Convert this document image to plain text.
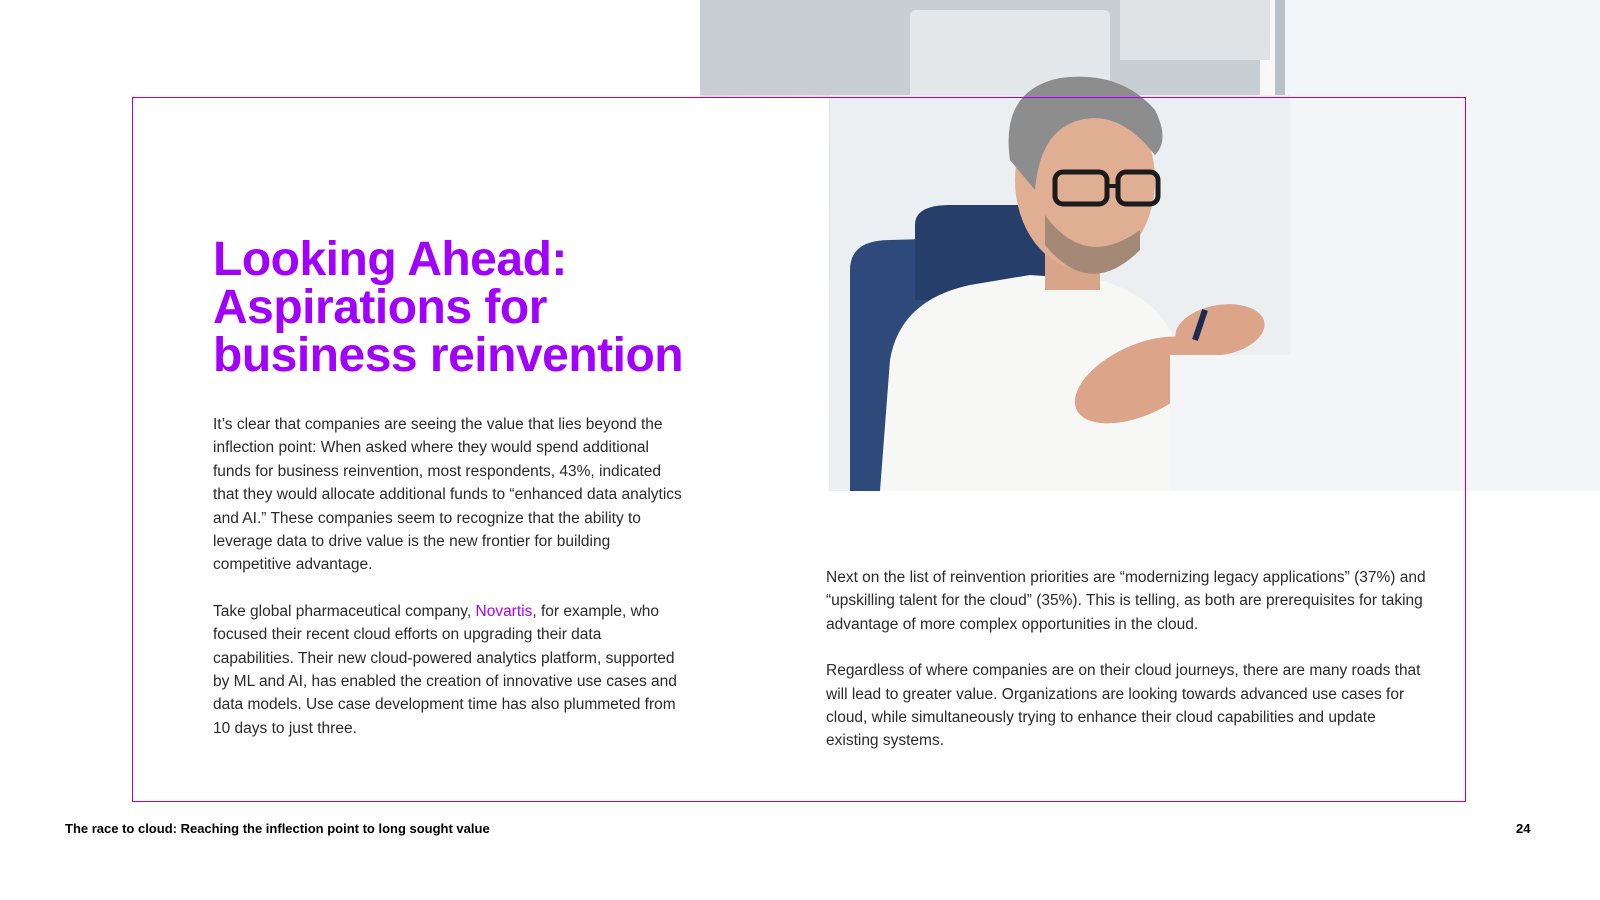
Looking Ahead:
Aspirations for
business reinvention

It’s clear that companies are seeing the value that lies beyond the inflection point: When asked where they would spend additional funds for business reinvention, most respondents, 43%, indicated that they would allocate additional funds to “enhanced data analytics and AI.” These companies seem to recognize that the ability to leverage data to drive value is the new frontier for building competitive advantage.

Take global pharmaceutical company, Novartis, for example, who focused their recent cloud efforts on upgrading their data capabilities. Their new cloud-powered analytics platform, supported by ML and AI, has enabled the creation of innovative use cases and data models. Use case development time has also plummeted from 10 days to just three.

Next on the list of reinvention priorities are “modernizing legacy applications” (37%) and “upskilling talent for the cloud” (35%). This is telling, as both are prerequisites for taking advantage of more complex opportunities in the cloud.

Regardless of where companies are on their cloud journeys, there are many roads that will lead to greater value. Organizations are looking towards advanced use cases for cloud, while simultaneously trying to enhance their cloud capabilities and update existing systems.

The race to cloud: Reaching the inflection point to long sought value	24
